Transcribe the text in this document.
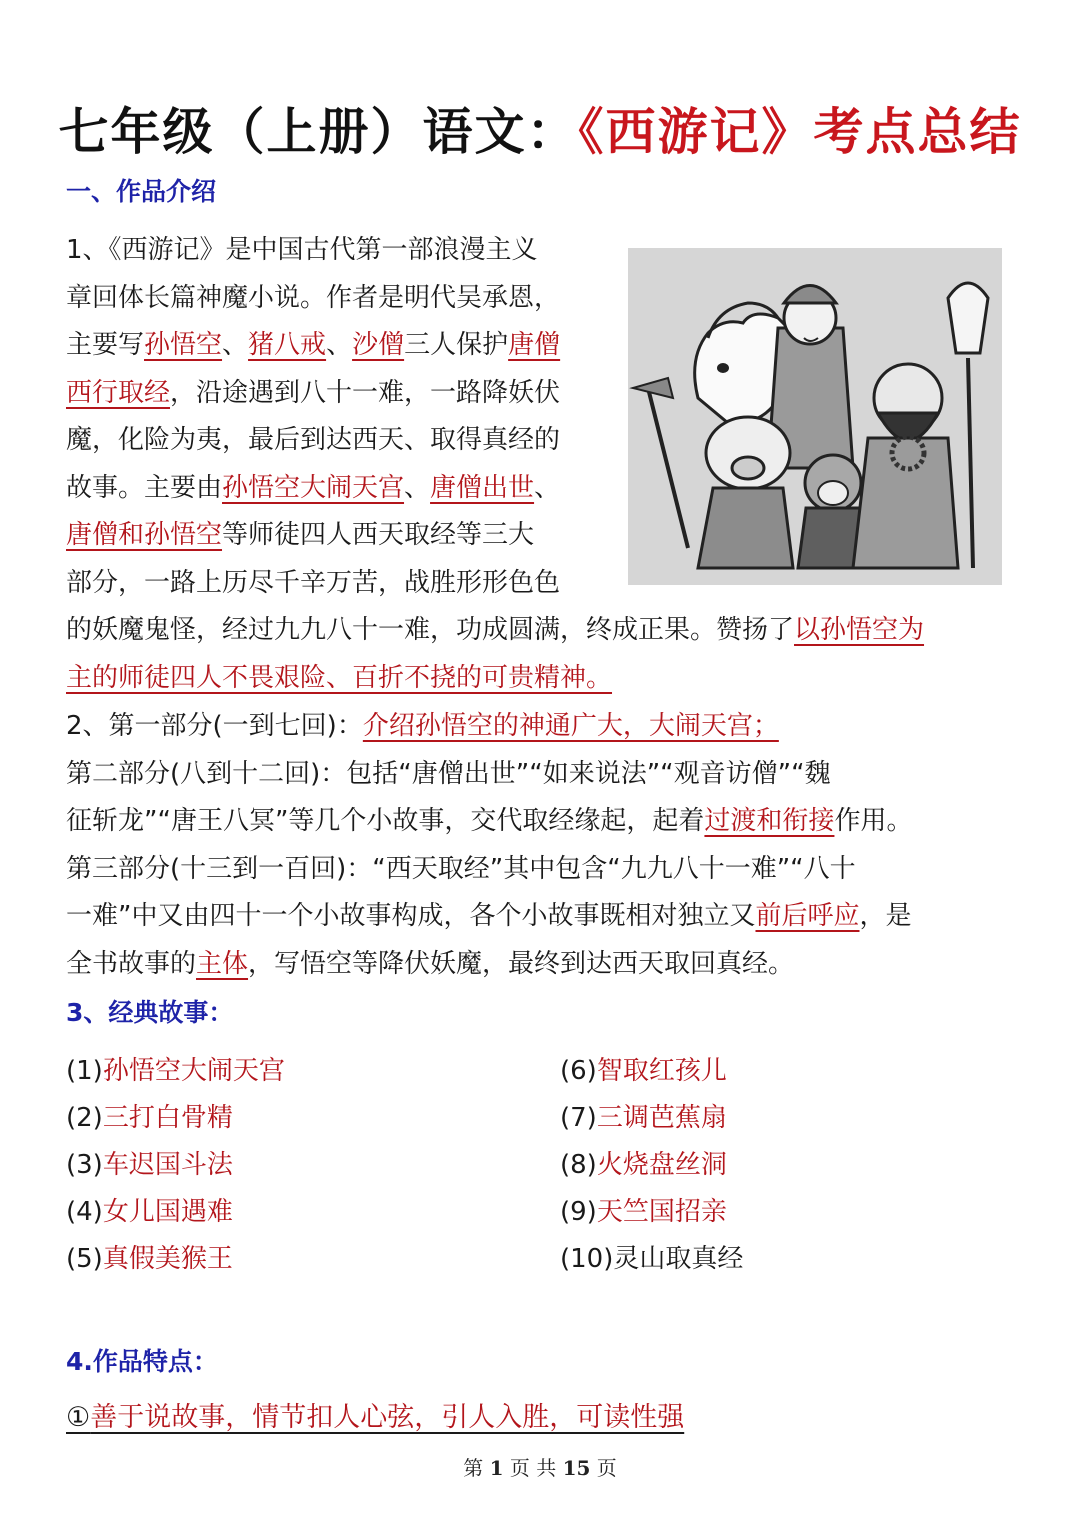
七年级（上册）语文：《西游记》考点总结
一、作品介绍
1、《西游记》是中国古代第一部浪漫主义
章回体长篇神魔小说。作者是明代吴承恩，
主要写孙悟空、猪八戒、沙僧三人保护唐僧
西行取经，沿途遇到八十一难，一路降妖伏
魔，化险为夷，最后到达西天、取得真经的
故事。主要由孙悟空大闹天宫、唐僧出世、
唐僧和孙悟空等师徒四人西天取经等三大
部分，一路上历尽千辛万苦，战胜形形色色
的妖魔鬼怪，经过九九八十一难，功成圆满，终成正果。赞扬了以孙悟空为
主的师徒四人不畏艰险、百折不挠的可贵精神。
2、第一部分(一到七回)：介绍孙悟空的神通广大，大闹天宫；
第二部分(八到十二回)：包括“唐僧出世”“如来说法”“观音访僧”“魏
征斩龙”“唐王八冥”等几个小故事，交代取经缘起，起着过渡和衔接作用。
第三部分(十三到一百回)：“西天取经”其中包含“九九八十一难”“八十
一难”中又由四十一个小故事构成，各个小故事既相对独立又前后呼应，是
全书故事的主体，写悟空等降伏妖魔，最终到达西天取回真经。
3、经典故事：
(1)孙悟空大闹天宫
(2)三打白骨精
(3)车迟国斗法
(4)女儿国遇难
(5)真假美猴王
(6)智取红孩儿
(7)三调芭蕉扇
(8)火烧盘丝洞
(9)天竺国招亲
(10)灵山取真经
4.作品特点：
①善于说故事，情节扣人心弦，引人入胜，可读性强
第 1 页 共 15 页
